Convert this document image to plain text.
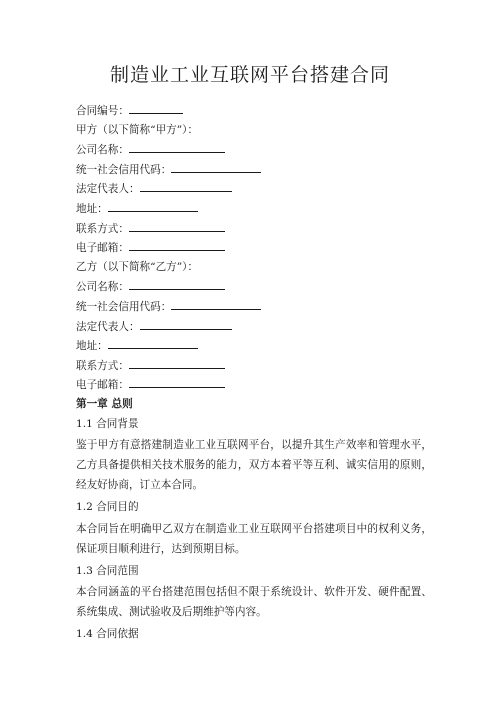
制造业工业互联网平台搭建合同
合同编号：
甲方（以下简称“甲方”）：
公司名称：
统一社会信用代码：
法定代表人：
地址：
联系方式：
电子邮箱：
乙方（以下简称“乙方”）：
公司名称：
统一社会信用代码：
法定代表人：
地址：
联系方式：
电子邮箱：
第一章 总则
1.1 合同背景
鉴于甲方有意搭建制造业工业互联网平台，以提升其生产效率和管理水平，乙方具备提供相关技术服务的能力，双方本着平等互利、诚实信用的原则，经友好协商，订立本合同。
1.2 合同目的
本合同旨在明确甲乙双方在制造业工业互联网平台搭建项目中的权利义务，保证项目顺利进行，达到预期目标。
1.3 合同范围
本合同涵盖的平台搭建范围包括但不限于系统设计、软件开发、硬件配置、系统集成、测试验收及后期维护等内容。
1.4 合同依据
